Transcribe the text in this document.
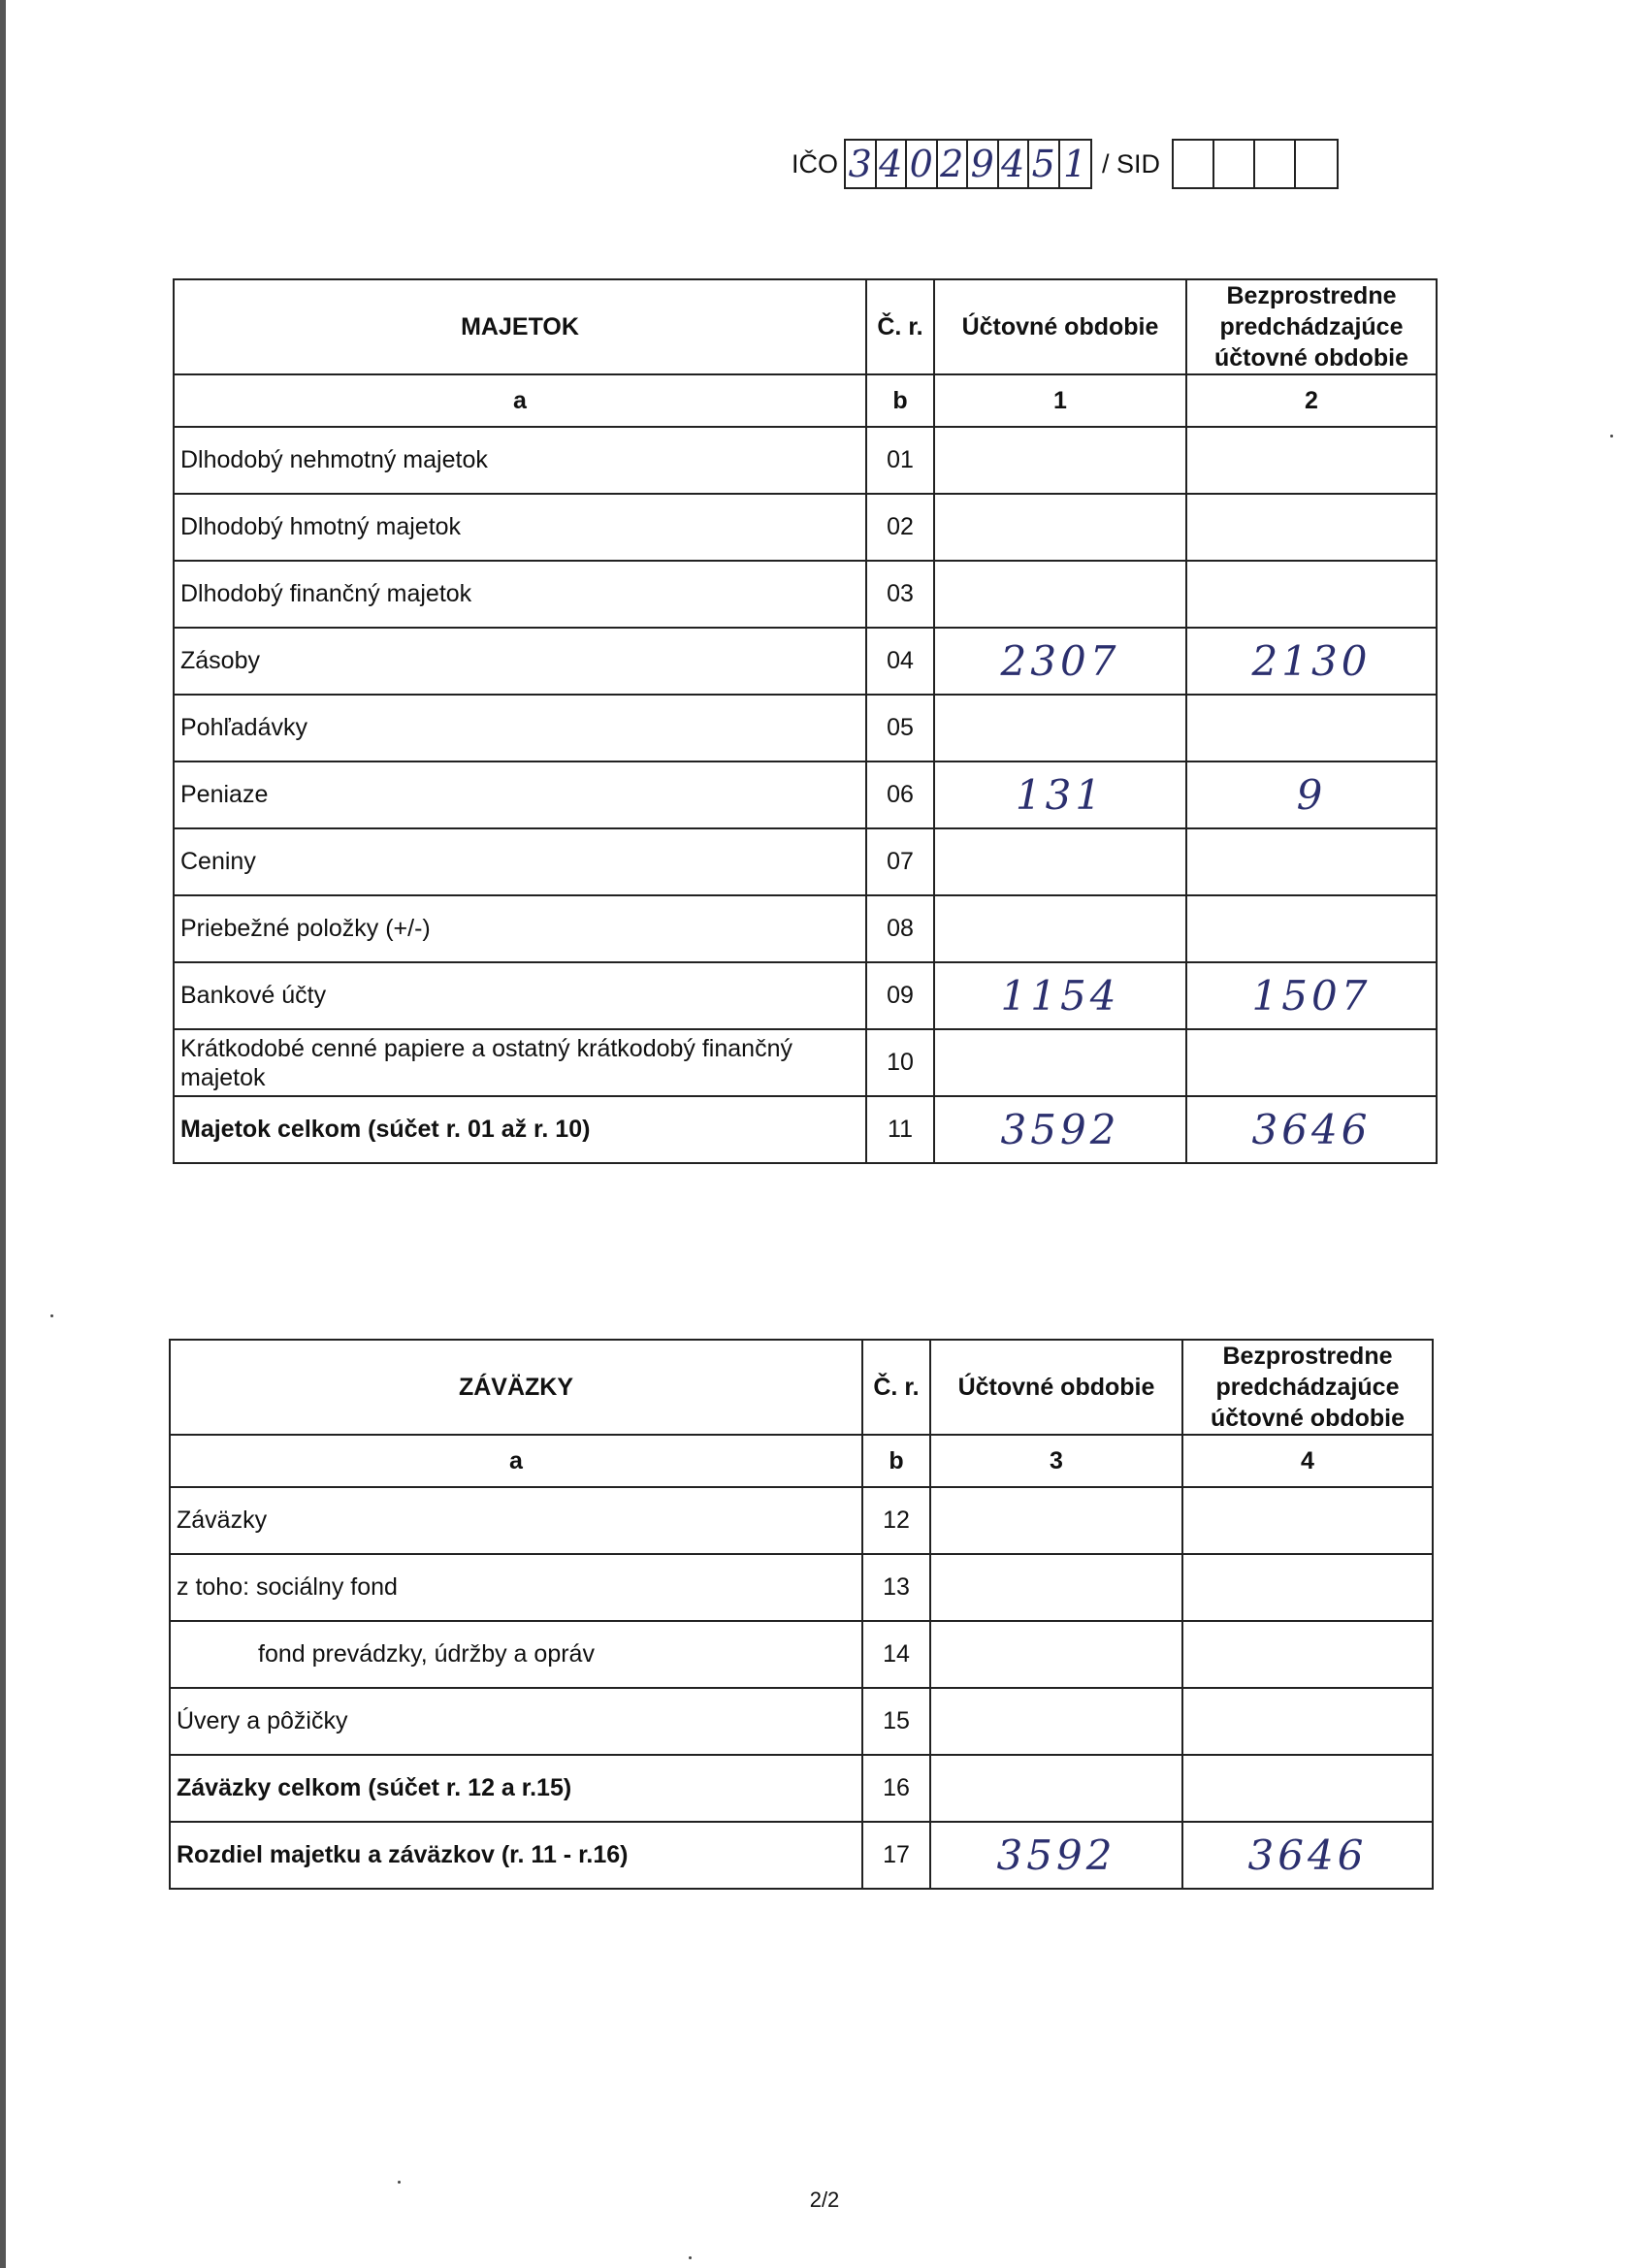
IČO 3 4 0 2 9 4 5 1 / SID
MAJETOK	Č. r.	Účtovné obdobie	Bezprostredne predchádzajúce účtovné obdobie
a	b	1	2
Dlhodobý nehmotný majetok	01		
Dlhodobý hmotný majetok	02		
Dlhodobý finančný majetok	03		
Zásoby	04	2307	2130
Pohľadávky	05		
Peniaze	06	131	9
Ceniny	07		
Priebežné položky (+/-)	08		
Bankové účty	09	1154	1507
Krátkodobé cenné papiere a ostatný krátkodobý finančný majetok	10		
Majetok celkom (súčet r. 01 až r. 10)	11	3592	3646
ZÁVÄZKY	Č. r.	Účtovné obdobie	Bezprostredne predchádzajúce účtovné obdobie
a	b	3	4
Záväzky	12		
z toho: sociálny fond	13		
fond prevádzky, údržby a opráv	14		
Úvery a pôžičky	15		
Záväzky celkom (súčet r. 12 a r.15)	16		
Rozdiel majetku a záväzkov (r. 11 - r.16)	17	3592	3646
2/2
